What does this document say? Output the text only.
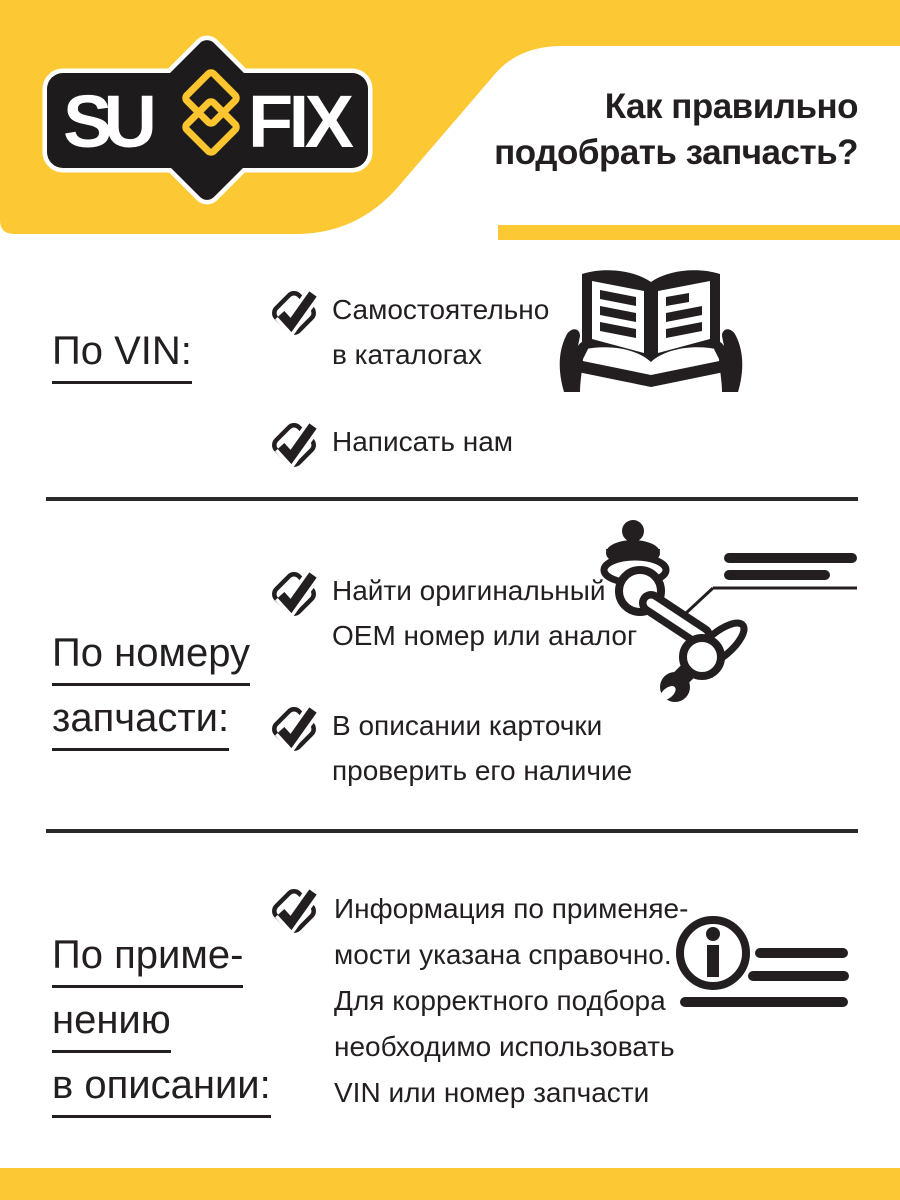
SU FIX	Как правильно
подобрать запчасть?
По VIN:
Самостоятельно
в каталогах
Написать нам
По номеру
запчасти:
Найти оригинальный
OEM номер или аналог
В описании карточки
проверить его наличие
По приме-
нению
в описании:
Информация по применяе-
мости указана справочно.
Для корректного подбора
необходимо использовать
VIN или номер запчасти
